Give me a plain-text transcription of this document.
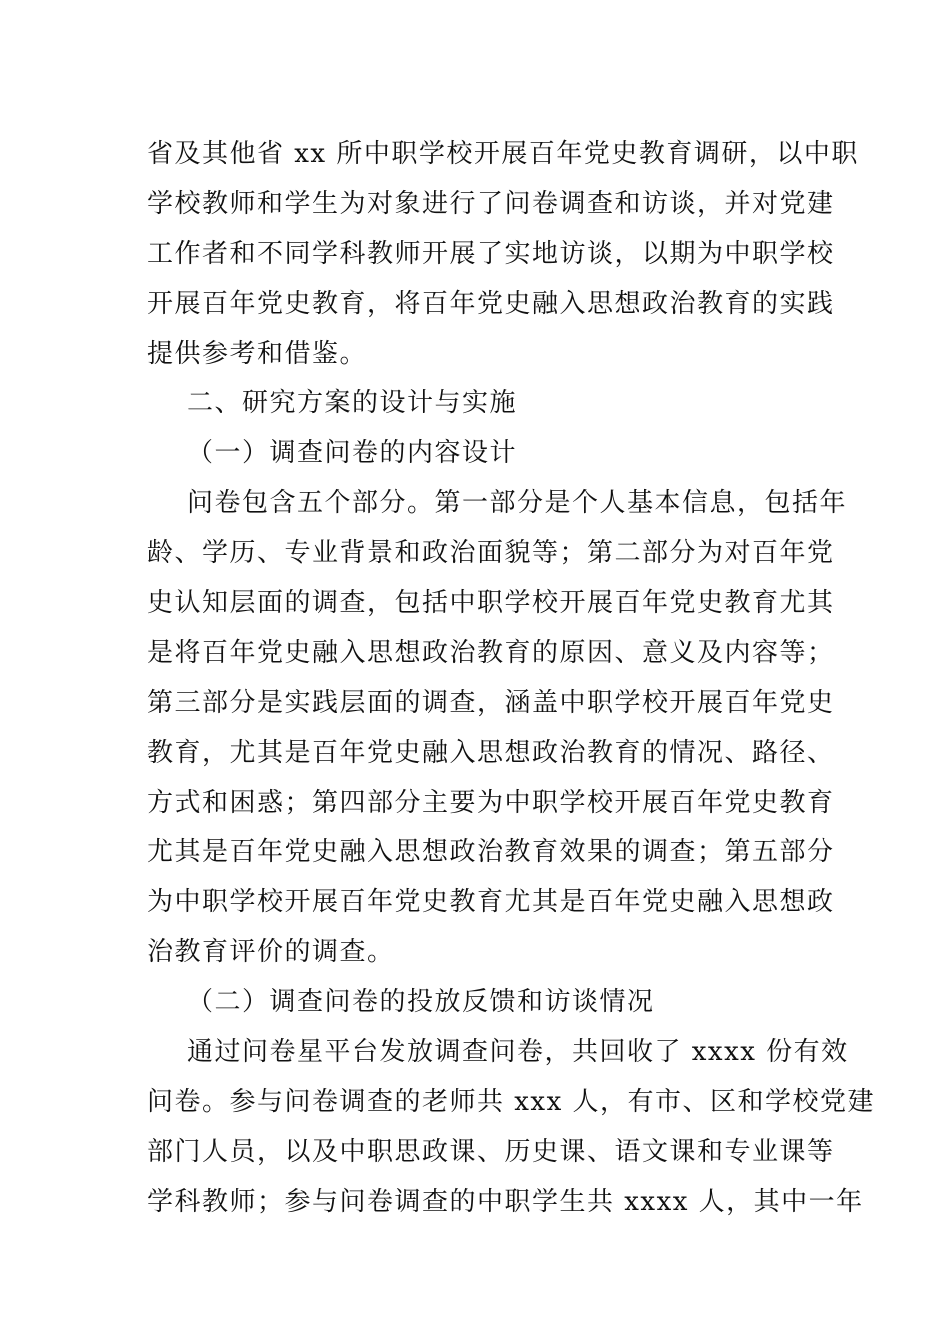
省及其他省 xx 所中职学校开展百年党史教育调研，以中职
学校教师和学生为对象进行了问卷调查和访谈，并对党建
工作者和不同学科教师开展了实地访谈，以期为中职学校
开展百年党史教育，将百年党史融入思想政治教育的实践
提供参考和借鉴。
二、研究方案的设计与实施
（一）调查问卷的内容设计
问卷包含五个部分。第一部分是个人基本信息，包括年
龄、学历、专业背景和政治面貌等；第二部分为对百年党
史认知层面的调查，包括中职学校开展百年党史教育尤其
是将百年党史融入思想政治教育的原因、意义及内容等；
第三部分是实践层面的调查，涵盖中职学校开展百年党史
教育，尤其是百年党史融入思想政治教育的情况、路径、
方式和困惑；第四部分主要为中职学校开展百年党史教育
尤其是百年党史融入思想政治教育效果的调查；第五部分
为中职学校开展百年党史教育尤其是百年党史融入思想政
治教育评价的调查。
（二）调查问卷的投放反馈和访谈情况
通过问卷星平台发放调查问卷，共回收了 xxxx 份有效
问卷。参与问卷调查的老师共 xxx 人，有市、区和学校党建
部门人员，以及中职思政课、历史课、语文课和专业课等
学科教师；参与问卷调查的中职学生共 xxxx 人，其中一年
